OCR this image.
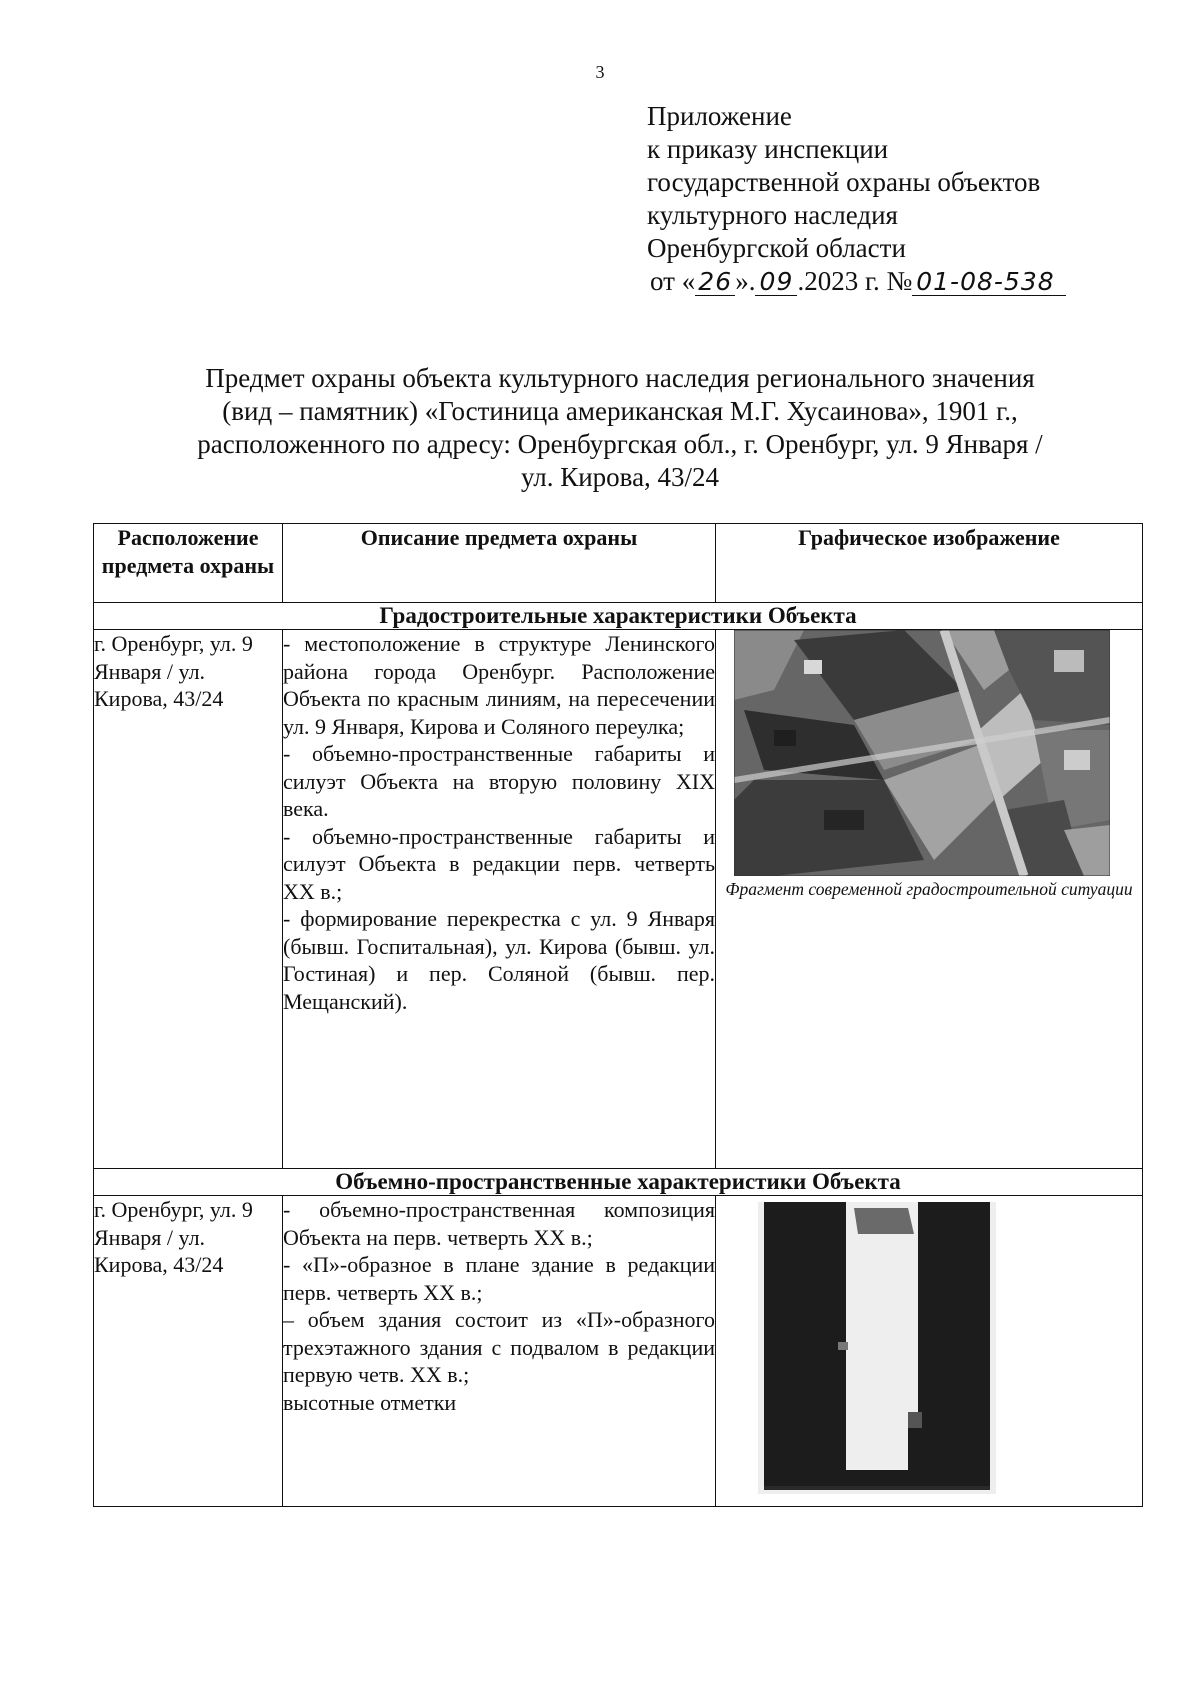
3
Приложение
к приказу инспекции
государственной охраны объектов
культурного наследия
Оренбургской области
от « 26 ». 09 .2023 г. № 01-08-538
Предмет охраны объекта культурного наследия регионального значения
(вид – памятник) «Гостиница американская М.Г. Хусаинова», 1901 г.,
расположенного по адресу: Оренбургская обл., г. Оренбург, ул. 9 Января /
ул. Кирова, 43/24
Расположение предмета охраны	Описание предмета охраны	Графическое изображение
Градостроительные характеристики Объекта		
г. Оренбург, ул. 9 Января / ул. Кирова, 43/24	- местоположение в структуре Ленинского района города Оренбург. Расположение Объекта по красным линиям, на пересечении ул. 9 Января, Кирова и Соляного переулка;

- объемно-пространственные габариты и силуэт Объекта на вторую половину XIX века.

- объемно-пространственные габариты и силуэт Объекта в редакции перв. четверть XX в.;

- формирование перекрестка с ул. 9 Января (бывш. Госпитальная), ул. Кирова (бывш. ул. Гостиная) и пер. Соляной (бывш. пер. Мещанский).	Фрагмент современной градостроительной ситуации

Объемно-пространственные характеристики Объекта		
г. Оренбург, ул. 9 Января / ул. Кирова, 43/24	- объемно-пространственная композиция Объекта на перв. четверть XX в.;

- «П»-образное в плане здание в редакции перв. четверть XX в.;

– объем здания состоит из «П»-образного трехэтажного здания с подвалом в редакции первую четв. XX в.;

высотные отметки
